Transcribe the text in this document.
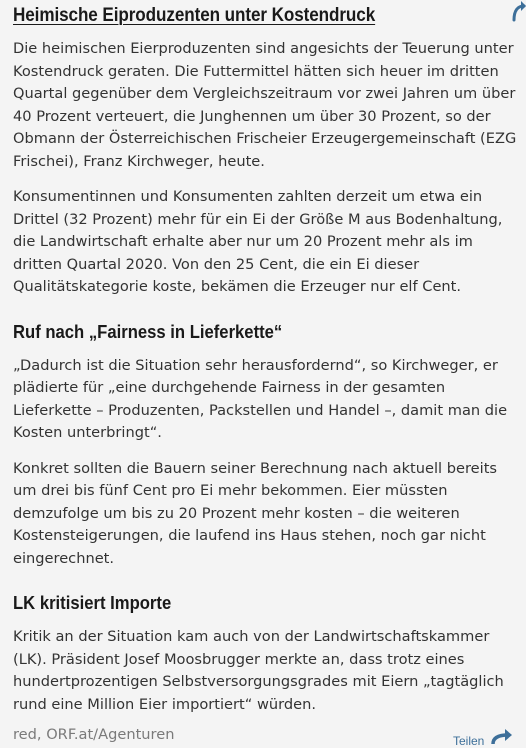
Heimische Eiproduzenten unter Kostendruck

Die heimischen Eierproduzenten sind angesichts der Teuerung unter Kostendruck geraten. Die Futtermittel hätten sich heuer im dritten Quartal gegenüber dem Vergleichszeitraum vor zwei Jahren um über 40 Prozent verteuert, die Junghennen um über 30 Prozent, so der Obmann der Österreichischen Frischeier Erzeugergemeinschaft (EZG Frischei), Franz Kirchweger, heute.

Konsumentinnen und Konsumenten zahlten derzeit um etwa ein Drittel (32 Prozent) mehr für ein Ei der Größe M aus Bodenhaltung, die Landwirtschaft erhalte aber nur um 20 Prozent mehr als im dritten Quartal 2020. Von den 25 Cent, die ein Ei dieser Qualitätskategorie koste, bekämen die Erzeuger nur elf Cent.

Ruf nach „Fairness in Lieferkette“

„Dadurch ist die Situation sehr herausfordernd“, so Kirchweger, er plädierte für „eine durchgehende Fairness in der gesamten Lieferkette – Produzenten, Packstellen und Handel –, damit man die Kosten unterbringt“.

Konkret sollten die Bauern seiner Berechnung nach aktuell bereits um drei bis fünf Cent pro Ei mehr bekommen. Eier müssten demzufolge um bis zu 20 Prozent mehr kosten – die weiteren Kostensteigerungen, die laufend ins Haus stehen, noch gar nicht eingerechnet.

LK kritisiert Importe

Kritik an der Situation kam auch von der Landwirtschaftskammer (LK). Präsident Josef Moosbrugger merkte an, dass trotz eines hundertprozentigen Selbstversorgungsgrades mit Eiern „tagtäglich rund eine Million Eier importiert“ würden.

red, ORF.at/Agenturen	Teilen
